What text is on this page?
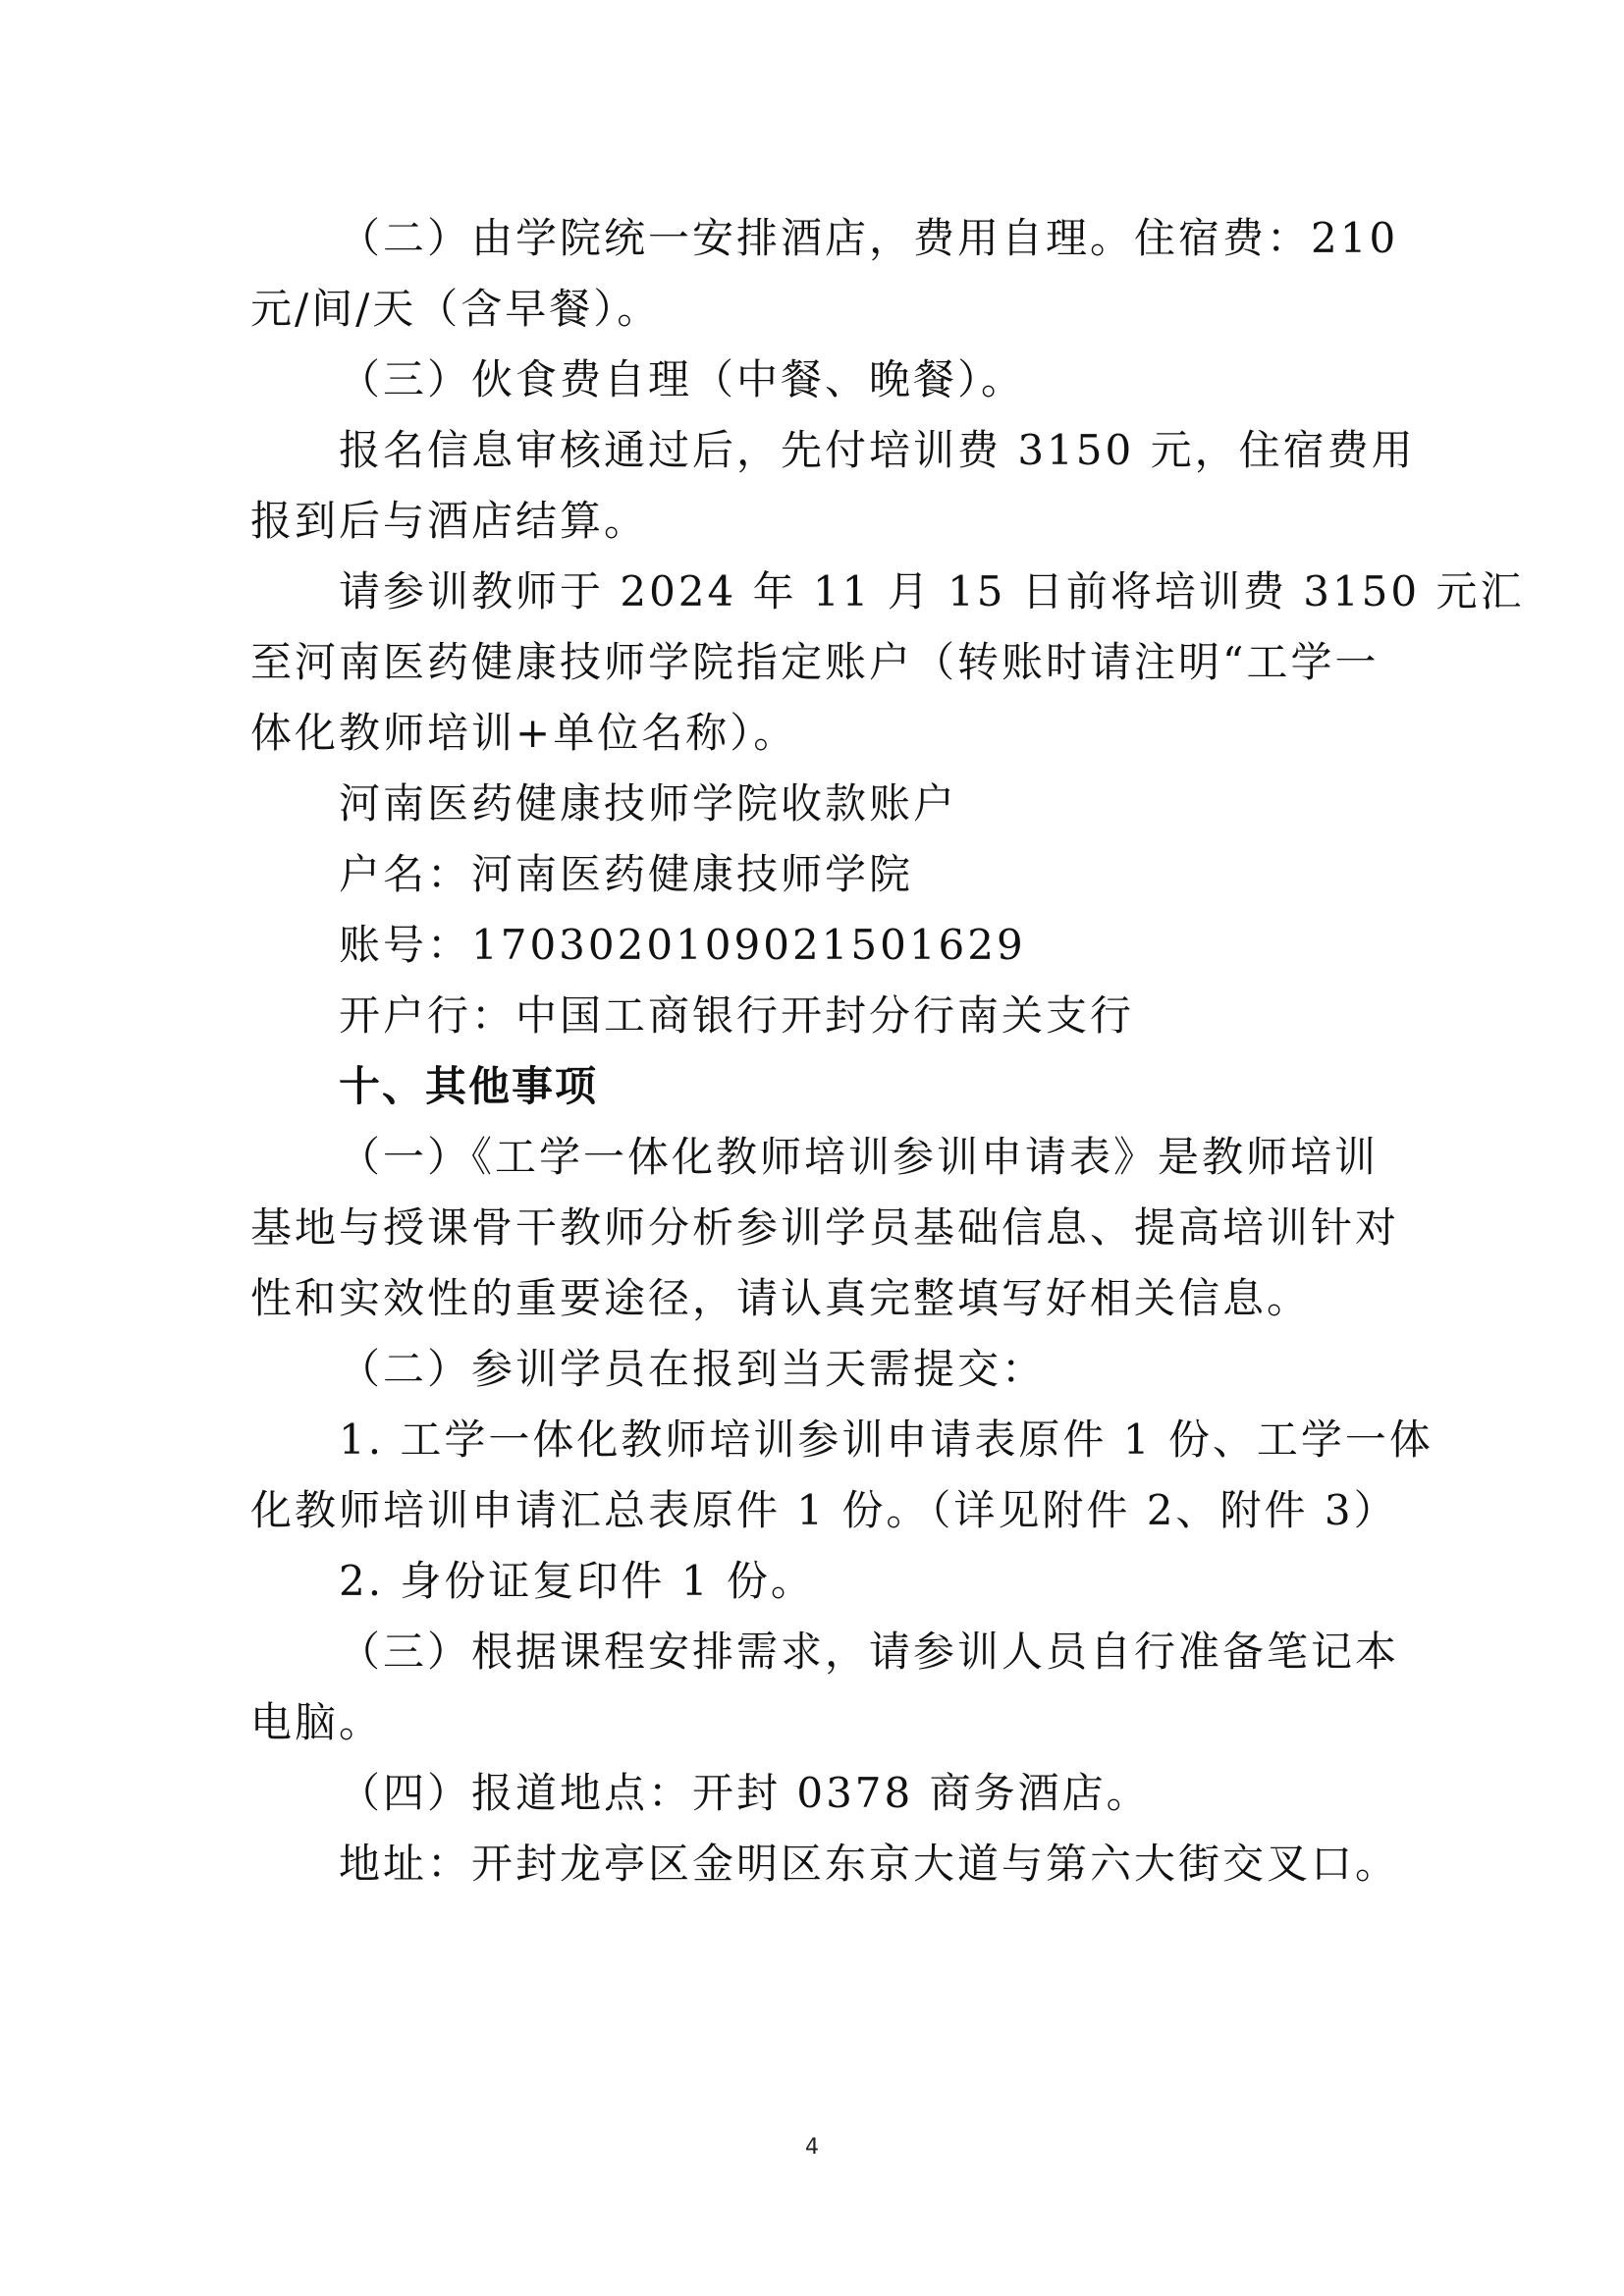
（二）由学院统一安排酒店，费用自理。住宿费：210
元/间/天（含早餐）。
（三）伙食费自理（中餐、晚餐）。
报名信息审核通过后，先付培训费 3150 元，住宿费用
报到后与酒店结算。
请参训教师于 2024 年 11 月 15 日前将培训费 3150 元汇
至河南医药健康技师学院指定账户（转账时请注明“工学一
体化教师培训+单位名称）。
河南医药健康技师学院收款账户
户名：河南医药健康技师学院
账号：1703020109021501629
开户行：中国工商银行开封分行南关支行
十、其他事项
（一）《工学一体化教师培训参训申请表》是教师培训
基地与授课骨干教师分析参训学员基础信息、提高培训针对
性和实效性的重要途径，请认真完整填写好相关信息。
（二）参训学员在报到当天需提交：
1. 工学一体化教师培训参训申请表原件 1 份、工学一体
化教师培训申请汇总表原件 1 份。（详见附件 2、附件 3）
2. 身份证复印件 1 份。
（三）根据课程安排需求，请参训人员自行准备笔记本
电脑。
（四）报道地点：开封 0378 商务酒店。
地址：开封龙亭区金明区东京大道与第六大街交叉口。
4
